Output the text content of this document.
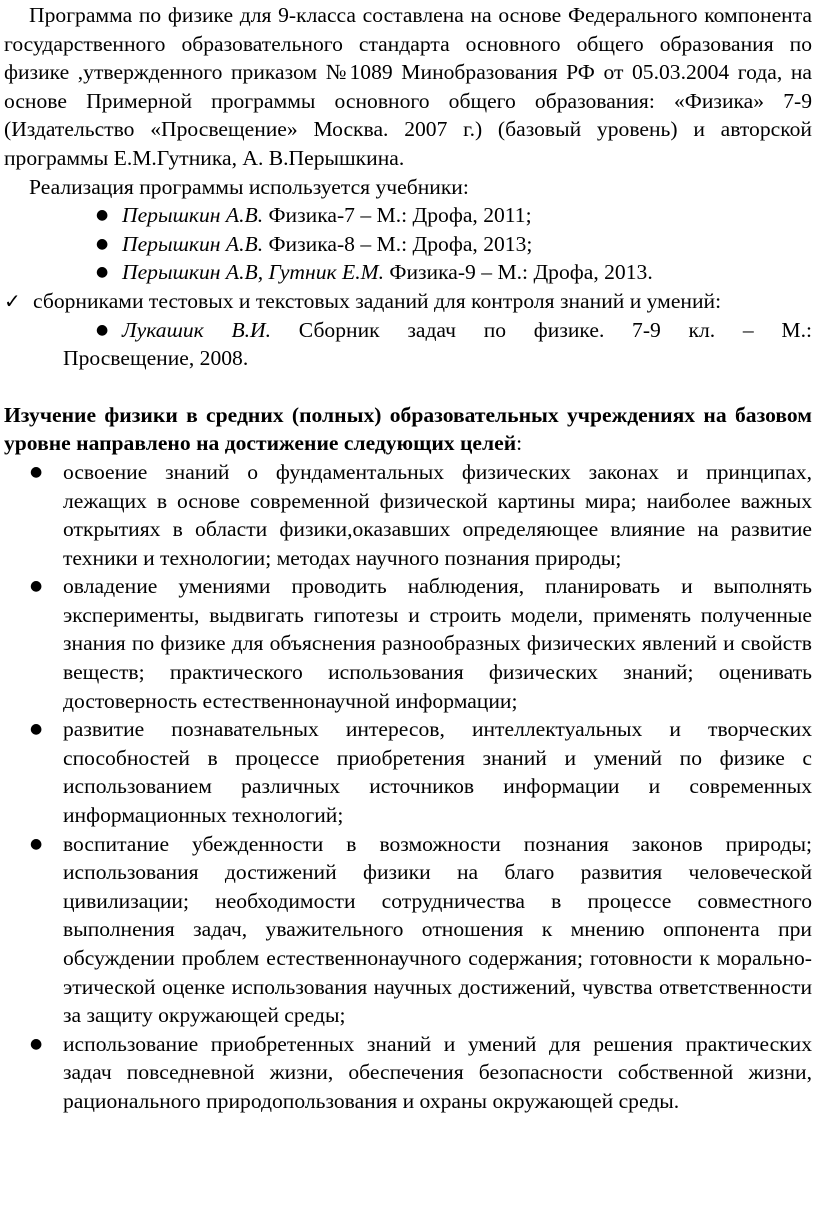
Программа по физике для 9-класса составлена на основе Федерального компонента государственного образовательного стандарта основного общего образования по физике ,утвержденного приказом №1089 Минобразования РФ от 05.03.2004 года, на основе Примерной программы основного общего образования: «Физика» 7-9 (Издательство «Просвещение» Москва. 2007 г.) (базовый уровень) и авторской программы Е.М.Гутника, А. В.Перышкина.

Реализация программы используется учебники:

● Перышкин А.В. Физика-7 – М.: Дрофа, 2011;
● Перышкин А.В. Физика-8 – М.: Дрофа, 2013;
● Перышкин А.В, Гутник Е.М. Физика-9 – М.: Дрофа, 2013.

✓ сборниками тестовых и текстовых заданий для контроля знаний и умений:

● Лукашик В.И. Сборник задач по физике. 7-9 кл. – М.:
Просвещение, 2008.

Изучение физики в средних (полных) образовательных учреждениях на базовом уровне направлено на достижение следующих целей:

● освоение знаний о фундаментальных физических законах и принципах, лежащих в основе современной физической картины мира; наиболее важных открытиях в области физики,оказавших определяющее влияние на развитие техники и технологии; методах научного познания природы;
● овладение умениями проводить наблюдения, планировать и выполнять эксперименты, выдвигать гипотезы и строить модели, применять полученные знания по физике для объяснения разнообразных физических явлений и свойств веществ; практического использования физических знаний; оценивать достоверность естественнонаучной информации;
● развитие познавательных интересов, интеллектуальных и творческих способностей в процессе приобретения знаний и умений по физике с использованием различных источников информации и современных информационных технологий;
● воспитание убежденности в возможности познания законов природы; использования достижений физики на благо развития человеческой цивилизации; необходимости сотрудничества в процессе совместного выполнения задач, уважительного отношения к мнению оппонента при обсуждении проблем естественнонаучного содержания; готовности к морально-этической оценке использования научных достижений, чувства ответственности за защиту окружающей среды;
● использование приобретенных знаний и умений для решения практических задач повседневной жизни, обеспечения безопасности собственной жизни, рационального природопользования и охраны окружающей среды.
